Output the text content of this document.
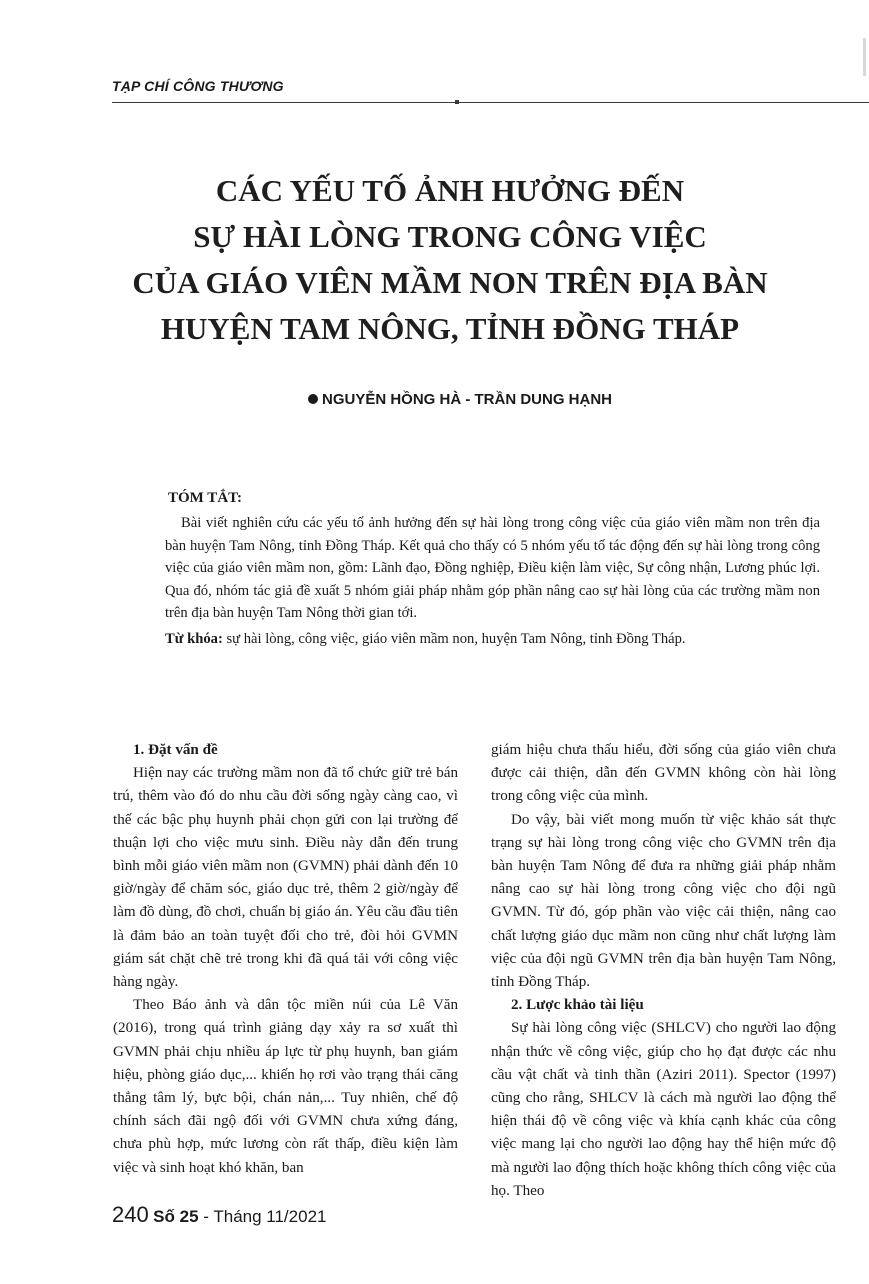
TẠP CHÍ CÔNG THƯƠNG
CÁC YẾU TỐ ẢNH HƯỞNG ĐẾN
SỰ HÀI LÒNG TRONG CÔNG VIỆC
CỦA GIÁO VIÊN MẦM NON TRÊN ĐỊA BÀN
HUYỆN TAM NÔNG, TỈNH ĐỒNG THÁP
NGUYỄN HỒNG HÀ - TRẦN DUNG HẠNH
TÓM TẮT:

Bài viết nghiên cứu các yếu tố ảnh hưởng đến sự hài lòng trong công việc của giáo viên mầm non trên địa bàn huyện Tam Nông, tỉnh Đồng Tháp. Kết quả cho thấy có 5 nhóm yếu tố tác động đến sự hài lòng trong công việc của giáo viên mầm non, gồm: Lãnh đạo, Đồng nghiệp, Điều kiện làm việc, Sự công nhận, Lương phúc lợi. Qua đó, nhóm tác giả đề xuất 5 nhóm giải pháp nhằm góp phần nâng cao sự hài lòng của các trường mầm non trên địa bàn huyện Tam Nông thời gian tới.

Từ khóa: sự hài lòng, công việc, giáo viên mầm non, huyện Tam Nông, tỉnh Đồng Tháp.

1. Đặt vấn đề

Hiện nay các trường mầm non đã tổ chức giữ trẻ bán trú, thêm vào đó do nhu cầu đời sống ngày càng cao, vì thế các bậc phụ huynh phải chọn gửi con lại trường để thuận lợi cho việc mưu sinh. Điều này dẫn đến trung bình mỗi giáo viên mầm non (GVMN) phải dành đến 10 giờ/ngày để chăm sóc, giáo dục trẻ, thêm 2 giờ/ngày để làm đồ dùng, đồ chơi, chuẩn bị giáo án. Yêu cầu đầu tiên là đảm bảo an toàn tuyệt đối cho trẻ, đòi hỏi GVMN giám sát chặt chẽ trẻ trong khi đã quá tải với công việc hàng ngày.

Theo Báo ảnh và dân tộc miền núi của Lê Văn (2016), trong quá trình giảng dạy xảy ra sơ xuất thì GVMN phải chịu nhiều áp lực từ phụ huynh, ban giám hiệu, phòng giáo dục,... khiến họ rơi vào trạng thái căng thẳng tâm lý, bực bội, chán nản,... Tuy nhiên, chế độ chính sách đãi ngộ đối với GVMN chưa xứng đáng, chưa phù hợp, mức lương còn rất thấp, điều kiện làm việc và sinh hoạt khó khăn, ban

giám hiệu chưa thấu hiểu, đời sống của giáo viên chưa được cải thiện, dẫn đến GVMN không còn hài lòng trong công việc của mình.

Do vậy, bài viết mong muốn từ việc khảo sát thực trạng sự hài lòng trong công việc cho GVMN trên địa bàn huyện Tam Nông để đưa ra những giải pháp nhằm nâng cao sự hài lòng trong công việc cho đội ngũ GVMN. Từ đó, góp phần vào việc cải thiện, nâng cao chất lượng giáo dục mầm non cũng như chất lượng làm việc của đội ngũ GVMN trên địa bàn huyện Tam Nông, tỉnh Đồng Tháp.

2. Lược khảo tài liệu

Sự hài lòng công việc (SHLCV) cho người lao động nhận thức về công việc, giúp cho họ đạt được các nhu cầu vật chất và tinh thần (Aziri 2011). Spector (1997) cũng cho rằng, SHLCV là cách mà người lao động thể hiện thái độ về công việc và khía cạnh khác của công việc mang lại cho người lao động hay thể hiện mức độ mà người lao động thích hoặc không thích công việc của họ. Theo

240 Số 25 - Tháng 11/2021
